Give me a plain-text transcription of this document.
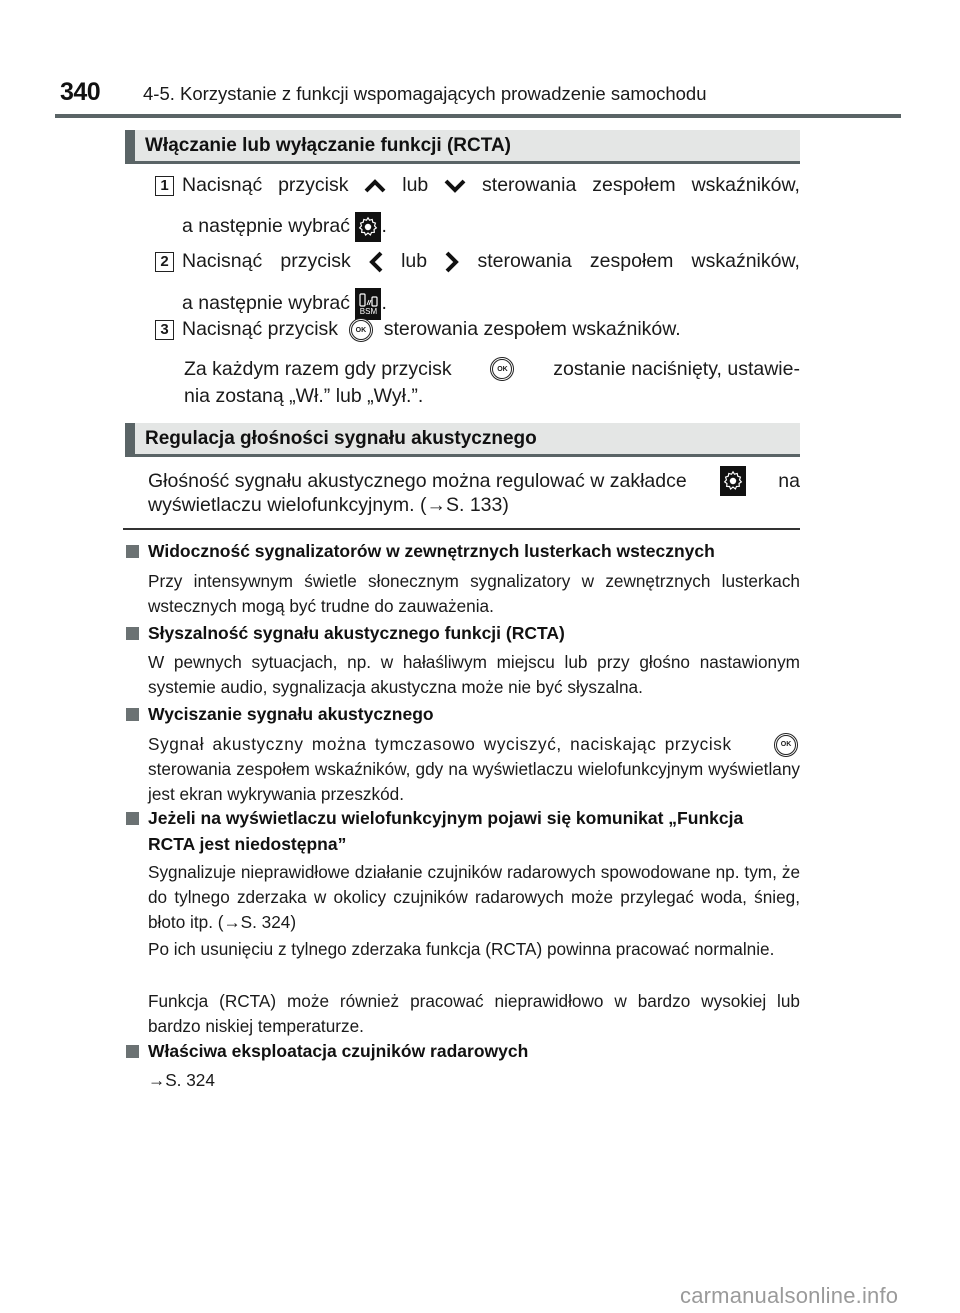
340 4-5. Korzystanie z funkcji wspomagających prowadzenie samochodu
Włączanie lub wyłączanie funkcji (RCTA)
1 Nacisnąć przycisk	lub	sterowania zespołem wskaźników,
a następnie wybrać .
2 Nacisnąć przycisk	lub	sterowania zespołem wskaźników,
a następnie wybrać BSM .
3 Nacisnąć przycisk	OK sterowania zespołem wskaźników.
Za każdym razem gdy przycisk	OK	zostanie naciśnięty, ustawie-
nia zostaną „Wł.” lub „Wył.”.
Regulacja głośności sygnału akustycznego
Głośność sygnału akustycznego można regulować w zakładce	na
wyświetlaczu wielofunkcyjnym. (→S. 133)
Widoczność sygnalizatorów w zewnętrznych lusterkach wstecznych
Przy intensywnym świetle słonecznym sygnalizatory w zewnętrznych lusterkach wstecznych mogą być trudne do zauważenia.
Słyszalność sygnału akustycznego funkcji (RCTA)
W pewnych sytuacjach, np. w hałaśliwym miejscu lub przy głośno nastawionym systemie audio, sygnalizacja akustyczna może nie być słyszalna.
Wyciszanie sygnału akustycznego
Sygnał akustyczny można tymczasowo wyciszyć, naciskając przycisk	OK
sterowania zespołem wskaźników, gdy na wyświetlaczu wielofunkcyjnym wyświetlany jest ekran wykrywania przeszkód.
Jeżeli na wyświetlaczu wielofunkcyjnym pojawi się komunikat „Funkcja
RCTA jest niedostępna”
Sygnalizuje nieprawidłowe działanie czujników radarowych spowodowane np. tym, że do tylnego zderzaka w okolicy czujników radarowych może przylegać woda, śnieg, błoto itp. (→S. 324)
Po ich usunięciu z tylnego zderzaka funkcja (RCTA) powinna pracować normalnie.
Funkcja (RCTA) może również pracować nieprawidłowo w bardzo wysokiej lub bardzo niskiej temperaturze.
Właściwa eksploatacja czujników radarowych
→S. 324
carmanualsonline.info
